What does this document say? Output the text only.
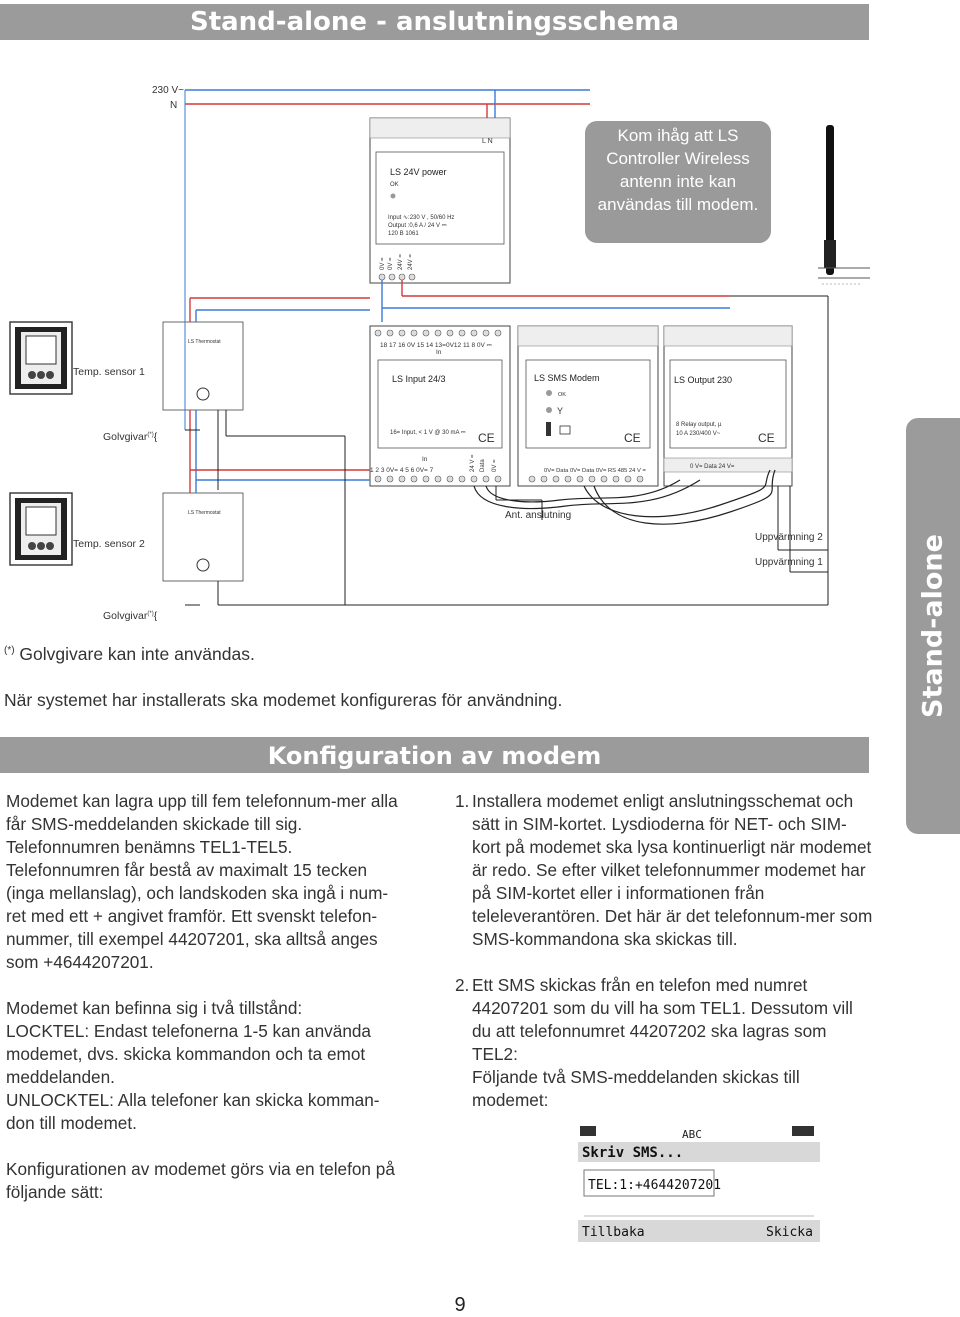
Stand-alone - anslutningsschema
230 V~
N
L N
LS 24V power
OK
Input ∿:230 V , 50/60 Hz
Output :0,6 A / 24 V ⎓
120 B 1061
0V = 0V = 24V = 24V =
LS Thermostat
LS Thermostat
Temp. sensor 1
Temp. sensor 2
Golvgivar(*){
Golvgivar(*){
18 17 16 0V 15 14 13=0V12 11 8 0V ⎓
In
LS Input 24/3
16= Input, < 1 V @ 30 mA ⎓ CE
In
1 2 3 0V= 4 5 6 0V= 7	24 V = Data 0V =
LS SMS Modem
OK
Y
CE
0V= Data 0V= Data 0V= RS 485 24 V =
LS Output 230
8 Relay output, µ
10 A 230/400 V~	CE
0 V= Data 24 V=
Ant. anslutning
Uppvärmning 2
Uppvärmning 1
Kom ihåg att LS Controller Wireless antenn inte kan användas till modem.
(*) Golvgivare kan inte användas.
När systemet har installerats ska modemet konfigureras för användning.	Stand-alone
Konfiguration av modem

Modemet kan lagra upp till fem telefonnum-mer alla får SMS-meddelanden skickade till sig. Telefonnumren benämns TEL1-TEL5. Telefonnumren får bestå av maximalt 15 tecken (inga mellanslag), och landskoden ska ingå i num-ret med ett + angivet framför. Ett svenskt telefon-nummer, till exempel 44207201, ska alltså anges som +4644207201.

Modemet kan befinna sig i två tillstånd:

LOCKTEL: Endast telefonerna 1-5 kan använda modemet, dvs. skicka kommandon och ta emot meddelanden.

UNLOCKTEL: Alla telefoner kan skicka komman-don till modemet.

Konfigurationen av modemet görs via en telefon på följande sätt:

1. Installera modemet enligt anslutningsschemat och sätt in SIM-kortet. Lysdioderna för NET- och SIM-kort på modemet ska lysa kontinuerligt när modemet är redo. Se efter vilket telefonnummer modemet har på SIM-kortet eller i informationen från teleleverantören. Det här är det telefonnum-mer som SMS-kommandona ska skickas till.
2. Ett SMS skickas från en telefon med numret 44207201 som du vill ha som TEL1. Dessutom vill du att telefonnumret 44207202 ska lagras som TEL2:
Följande två SMS-meddelanden skickas till modemet:
ABC
Skriv SMS...
TEL:1:+4644207201
Tillbaka	Skicka
9
